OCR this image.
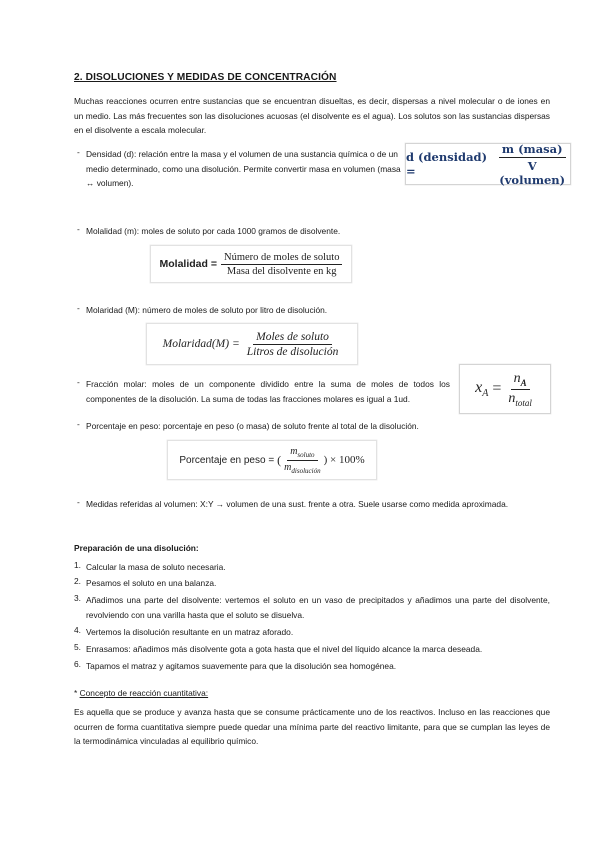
2. DISOLUCIONES Y MEDIDAS DE CONCENTRACIÓN
Muchas reacciones ocurren entre sustancias que se encuentran disueltas, es decir, dispersas a nivel molecular o de iones en un medio. Las más frecuentes son las disoluciones acuosas (el disolvente es el agua). Los solutos son las sustancias dispersas en el disolvente a escala molecular.
- Densidad (d): relación entre la masa y el volumen de una sustancia química o de un medio determinado, como una disolución. Permite convertir masa en volumen (masa ↔ volumen).
d (densidad) =	$\frac{\text{m (masa)}}{\text{V (volumen)}}$
- Molalidad (m): moles de soluto por cada 1000 gramos de disolvente.
Molalidad = $\frac{\text{Número de moles de soluto}}{\text{Masa del disolvente en kg}}$
- Molaridad (M): número de moles de soluto por litro de disolución.
Molaridad(M) = $\frac{\text{Moles de soluto}}{\text{Litros de disolución}}$
- Fracción molar: moles de un componente dividido entre la suma de moles de todos los componentes de la disolución. La suma de todas las fracciones molares es igual a 1ud.
$x_A = \frac{n_A}{n_{total}}$
- Porcentaje en peso: porcentaje en peso (o masa) de soluto frente al total de la disolución.
Porcentaje en peso = ( $\frac{m_{soluto}}{m_{disolución}}$ ) × 100%
- Medidas referidas al volumen: X:Y → volumen de una sust. frente a otra. Suele usarse como medida aproximada.
Preparación de una disolución:
1. Calcular la masa de soluto necesaria.
2. Pesamos el soluto en una balanza.
3. Añadimos una parte del disolvente: vertemos el soluto en un vaso de precipitados y añadimos una parte del disolvente, revolviendo con una varilla hasta que el soluto se disuelva.
4. Vertemos la disolución resultante en un matraz aforado.
5. Enrasamos: añadimos más disolvente gota a gota hasta que el nivel del líquido alcance la marca deseada.
6. Tapamos el matraz y agitamos suavemente para que la disolución sea homogénea.
* Concepto de reacción cuantitativa:
Es aquella que se produce y avanza hasta que se consume prácticamente uno de los reactivos. Incluso en las reacciones que ocurren de forma cuantitativa siempre puede quedar una mínima parte del reactivo limitante, para que se cumplan las leyes de la termodinámica vinculadas al equilibrio químico.
